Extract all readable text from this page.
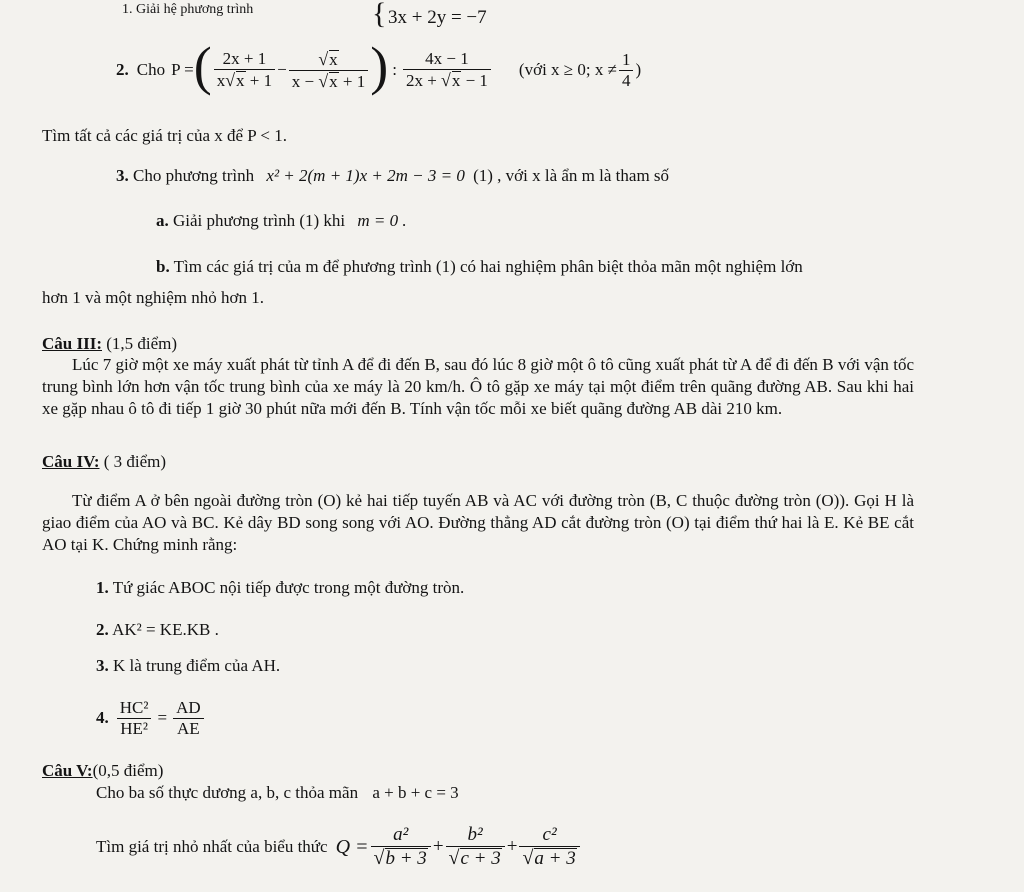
1. Giải hệ phương trình	{ 3x + 2y = −7
2. Cho P = ( $\frac{2x + 1}{x√x + 1} - \frac{√x}{x - √x + 1}$ ) : $\frac{4x - 1}{2x + √x - 1}$ (với x ≥ 0; $x \ne \frac{1}{4}$ )
Tìm tất cả các giá trị của x để P < 1.
3. Cho phương trình x² + 2(m + 1)x + 2m − 3 = 0 (1) , với x là ẩn m là tham số
a. Giải phương trình (1) khi m = 0 .
b. Tìm các giá trị của m để phương trình (1) có hai nghiệm phân biệt thỏa mãn một nghiệm lớn
hơn 1 và một nghiệm nhỏ hơn 1.
Câu III: (1,5 điểm)
Lúc 7 giờ một xe máy xuất phát từ tỉnh A để đi đến B, sau đó lúc 8 giờ một ô tô cũng xuất phát từ A để đi đến B với vận tốc trung bình lớn hơn vận tốc trung bình của xe máy là 20 km/h. Ô tô gặp xe máy tại một điểm trên quãng đường AB. Sau khi hai xe gặp nhau ô tô đi tiếp 1 giờ 30 phút nữa mới đến B. Tính vận tốc mỗi xe biết quãng đường AB dài 210 km.
Câu IV: ( 3 điểm)
Từ điểm A ở bên ngoài đường tròn (O) kẻ hai tiếp tuyến AB và AC với đường tròn (B, C thuộc đường tròn (O)). Gọi H là giao điểm của AO và BC. Kẻ dây BD song song với AO. Đường thẳng AD cắt đường tròn (O) tại điểm thứ hai là E. Kẻ BE cắt AO tại K. Chứng minh rằng:
1. Tứ giác ABOC nội tiếp được trong một đường tròn.
2. AK² = KE.KB .
3. K là trung điểm của AH.
4. $\frac{\text{HC²}}{\text{HE²}} = \frac{AD}{AE}$
Câu V:(0,5 điểm)
Cho ba số thực dương a, b, c thỏa mãn a + b + c = 3
Tìm giá trị nhỏ nhất của biểu thức $Q = \frac{\text{a²}}{√b + 3} + \frac{\text{b²}}{√c + 3} + \frac{\text{c²}}{√a + 3}$
